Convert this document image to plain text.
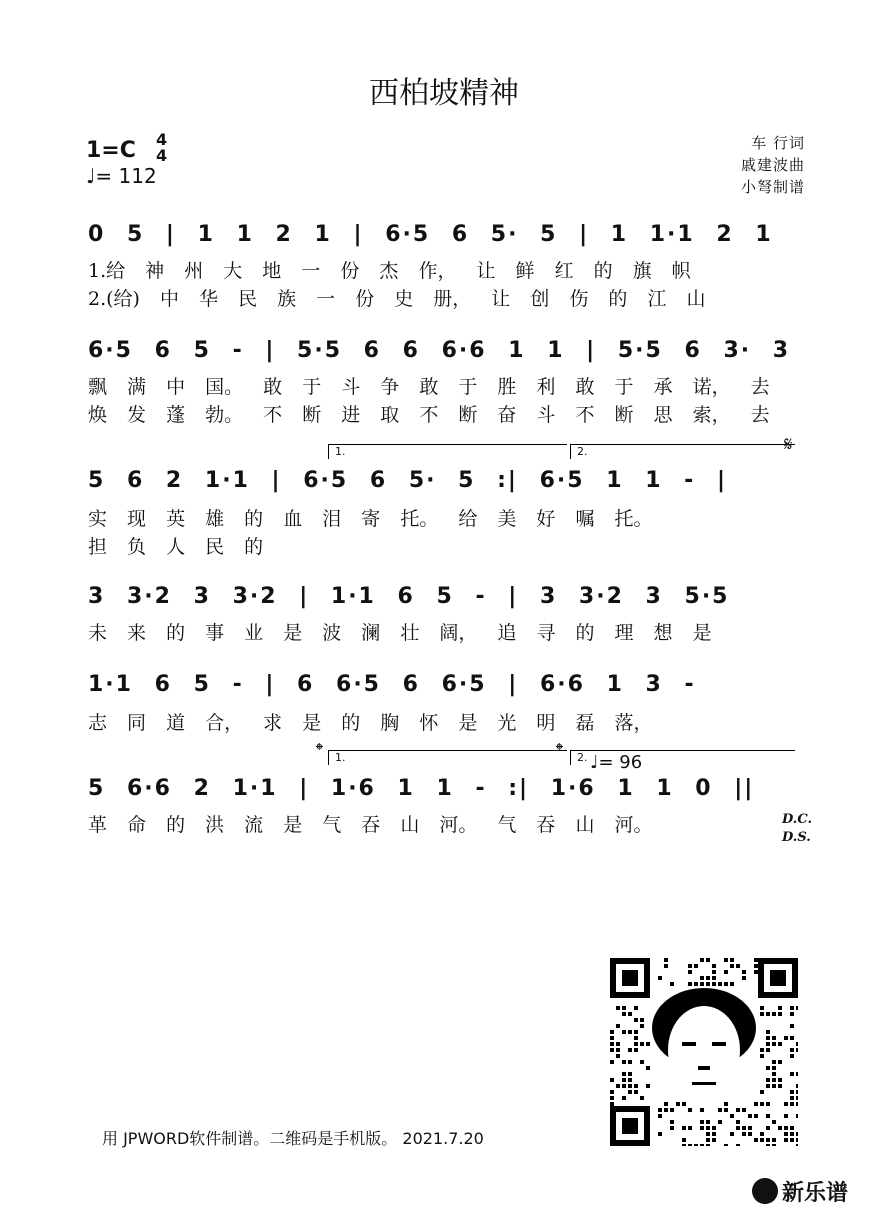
西柏坡精神
1=C 4
4
♩= 112
车 行词
戚建波曲
小弩制谱
0 5 | 1 1 2 1 | 6·5 6 5· 5 | 1 1·1 2 1
1.给 神 州 大 地 一 份 杰 作， 让 鲜 红 的 旗 帜
2.(给) 中 华 民 族 一 份 史 册， 让 创 伤 的 江 山
6·5 6 5 - | 5·5 6 6 6·6 1 1 | 5·5 6 3· 3
飘 满 中 国。 敢 于 斗 争 敢 于 胜 利 敢 于 承 诺， 去
焕 发 蓬 勃。 不 断 进 取 不 断 奋 斗 不 断 思 索， 去
1.	2.	𝄋
5 6 2 1·1 | 6·5 6 5· 5 :| 6·5 1 1 - |
实 现 英 雄 的 血 泪 寄 托。 给 美 好 嘱 托。
担 负 人 民 的
3 3·2 3 3·2 | 1·1 6 5 - | 3 3·2 3 5·5
未 来 的 事 业 是 波 澜 壮 阔， 追 寻 的 理 想 是
1·1 6 5 - | 6 6·5 6 6·5 | 6·6 1 3 -
志 同 道 合， 求 是 的 胸 怀 是 光 明 磊 落，
𝄌	1.	𝄌	2. ♩= 96
5 6·6 2 1·1 | 1·6 1 1 - :| 1·6 1 1 0 ||
革 命 的 洪 流 是 气 吞 山 河。 气 吞 山 河。	D.C.
D.S.
用 JPWORD软件制谱。二维码是手机版。 2021.7.20
新乐谱
